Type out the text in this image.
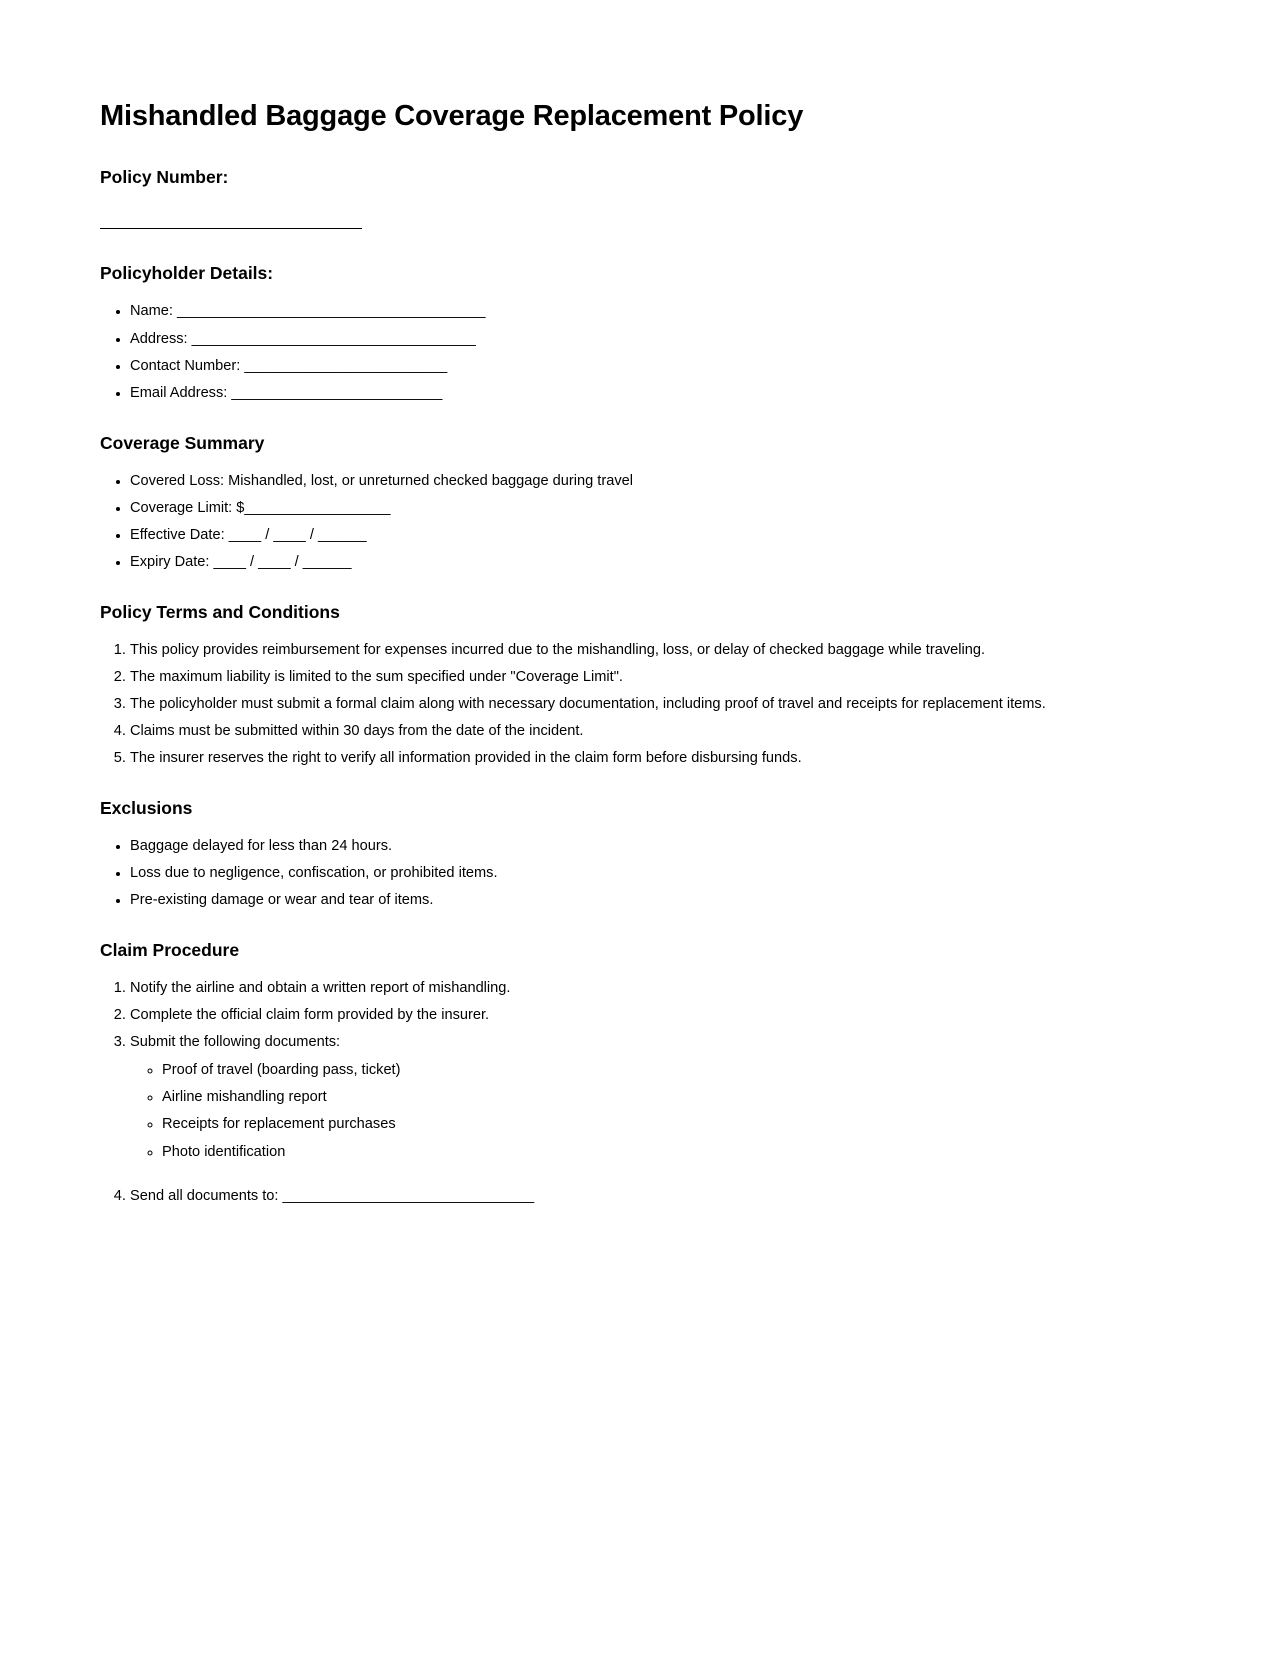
Mishandled Baggage Coverage Replacement Policy
Policy Number:
Policyholder Details:
• Name: ______________________________________
• Address: ___________________________________
• Contact Number: _________________________
• Email Address: __________________________
Coverage Summary
• Covered Loss: Mishandled, lost, or unreturned checked baggage during travel
• Coverage Limit: $__________________
• Effective Date: ____ / ____ / ______
• Expiry Date: ____ / ____ / ______
Policy Terms and Conditions
1. This policy provides reimbursement for expenses incurred due to the mishandling, loss, or delay of checked baggage while traveling.
2. The maximum liability is limited to the sum specified under "Coverage Limit".
3. The policyholder must submit a formal claim along with necessary documentation, including proof of travel and receipts for replacement items.
4. Claims must be submitted within 30 days from the date of the incident.
5. The insurer reserves the right to verify all information provided in the claim form before disbursing funds.
Exclusions
• Baggage delayed for less than 24 hours.
• Loss due to negligence, confiscation, or prohibited items.
• Pre-existing damage or wear and tear of items.
Claim Procedure
1. Notify the airline and obtain a written report of mishandling.
2. Complete the official claim form provided by the insurer.
3. Submit the following documents:
◦ Proof of travel (boarding pass, ticket)
◦ Airline mishandling report
◦ Receipts for replacement purchases
◦ Photo identification
4. Send all documents to: _______________________________
